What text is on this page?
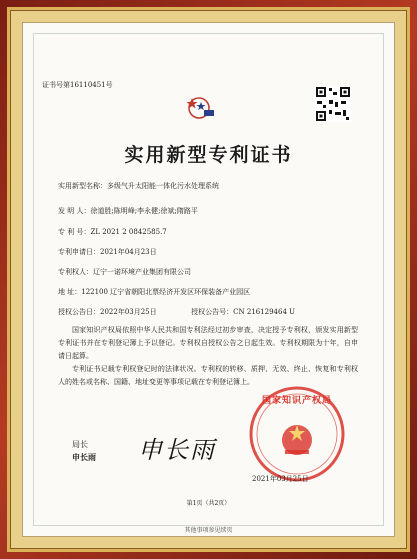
证书号第16110451号
实用新型专利证书
实用新型名称：多级气升太阳能一体化污水处理系统
发 明 人：徐道胜;陈明峰;李永健;徐斌;隋路平
专 利 号：ZL 2021 2 0842585.7
专利申请日：2021年04月23日
专利权人：辽宁一诺环境产业集团有限公司
地 址：122100 辽宁省朝阳北票经济开发区环保装备产业园区
授权公告日：2022年03月25日	授权公告号：CN 216129464 U
国家知识产权局依照中华人民共和国专利法经过初步审查，决定授予专利权，颁发实用新型专利证书并在专利登记簿上予以登记。专利权自授权公告之日起生效。专利权期限为十年，自申请日起算。
专利证书记载专利权登记时的法律状况。专利权的转移、质押、无效、终止、恢复和专利权人的姓名或名称、国籍、地址变更等事项记载在专利登记簿上。
国家知识产权局
局长
申长雨 申长雨
2021年03月25日
第1页（共2页）
其他事项参见续页
